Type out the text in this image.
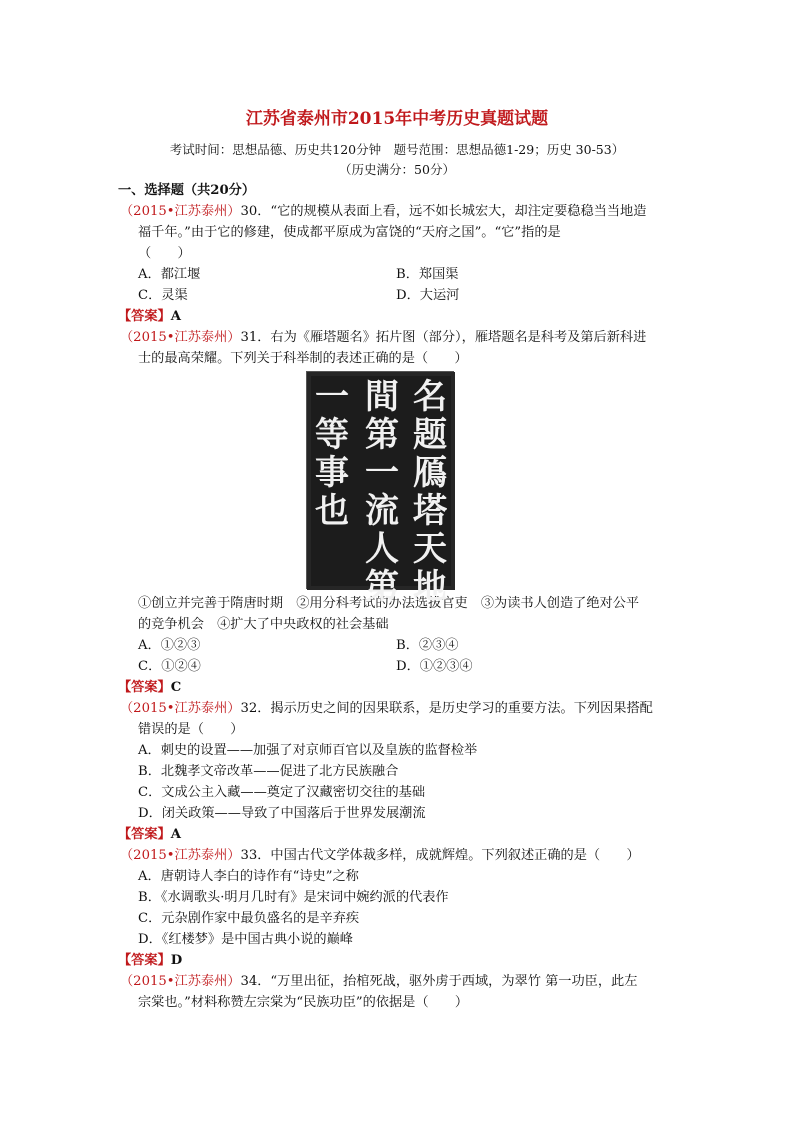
江苏省泰州市2015年中考历史真题试题
考试时间：思想品德、历史共120分钟　题号范围：思想品德1-29；历史 30-53）
（历史满分：50分）
一、选择题（共20分）
（2015•江苏泰州）30．“它的规模从表面上看，远不如长城宏大，却注定要稳稳当当地造
福千年。”由于它的修建，使成都平原成为富饶的“天府之国”。“它”指的是
（　　）
A．都江堰	B．郑国渠
C．灵渠	D．大运河
【答案】A
（2015•江苏泰州）31．右为《雁塔题名》拓片图（部分），雁塔题名是科考及第后新科进
士的最高荣耀。下列关于科举制的表述正确的是（　　）
名题鴈塔天地
間第一流人第
一等事也
①创立并完善于隋唐时期　②用分科考试的办法选拔官吏　③为读书人创造了绝对公平
的竞争机会　④扩大了中央政权的社会基础
A．①②③	B．②③④
C．①②④	D．①②③④
【答案】C
（2015•江苏泰州）32．揭示历史之间的因果联系，是历史学习的重要方法。下列因果搭配
错误的是（　　）
A．刺史的设置——加强了对京师百官以及皇族的监督检举
B．北魏孝文帝改革——促进了北方民族融合
C．文成公主入藏——奠定了汉藏密切交往的基础
D．闭关政策——导致了中国落后于世界发展潮流
【答案】A
（2015•江苏泰州）33．中国古代文学体裁多样，成就辉煌。下列叙述正确的是（　　）
A．唐朝诗人李白的诗作有“诗史”之称
B．《水调歌头·明月几时有》是宋词中婉约派的代表作
C．元杂剧作家中最负盛名的是辛弃疾
D．《红楼梦》是中国古典小说的巅峰
【答案】D
（2015•江苏泰州）34．“万里出征，抬棺死战，驱外虏于西域，为翠竹 第一功臣，此左
宗棠也。”材料称赞左宗棠为“民族功臣”的依据是（　　）
